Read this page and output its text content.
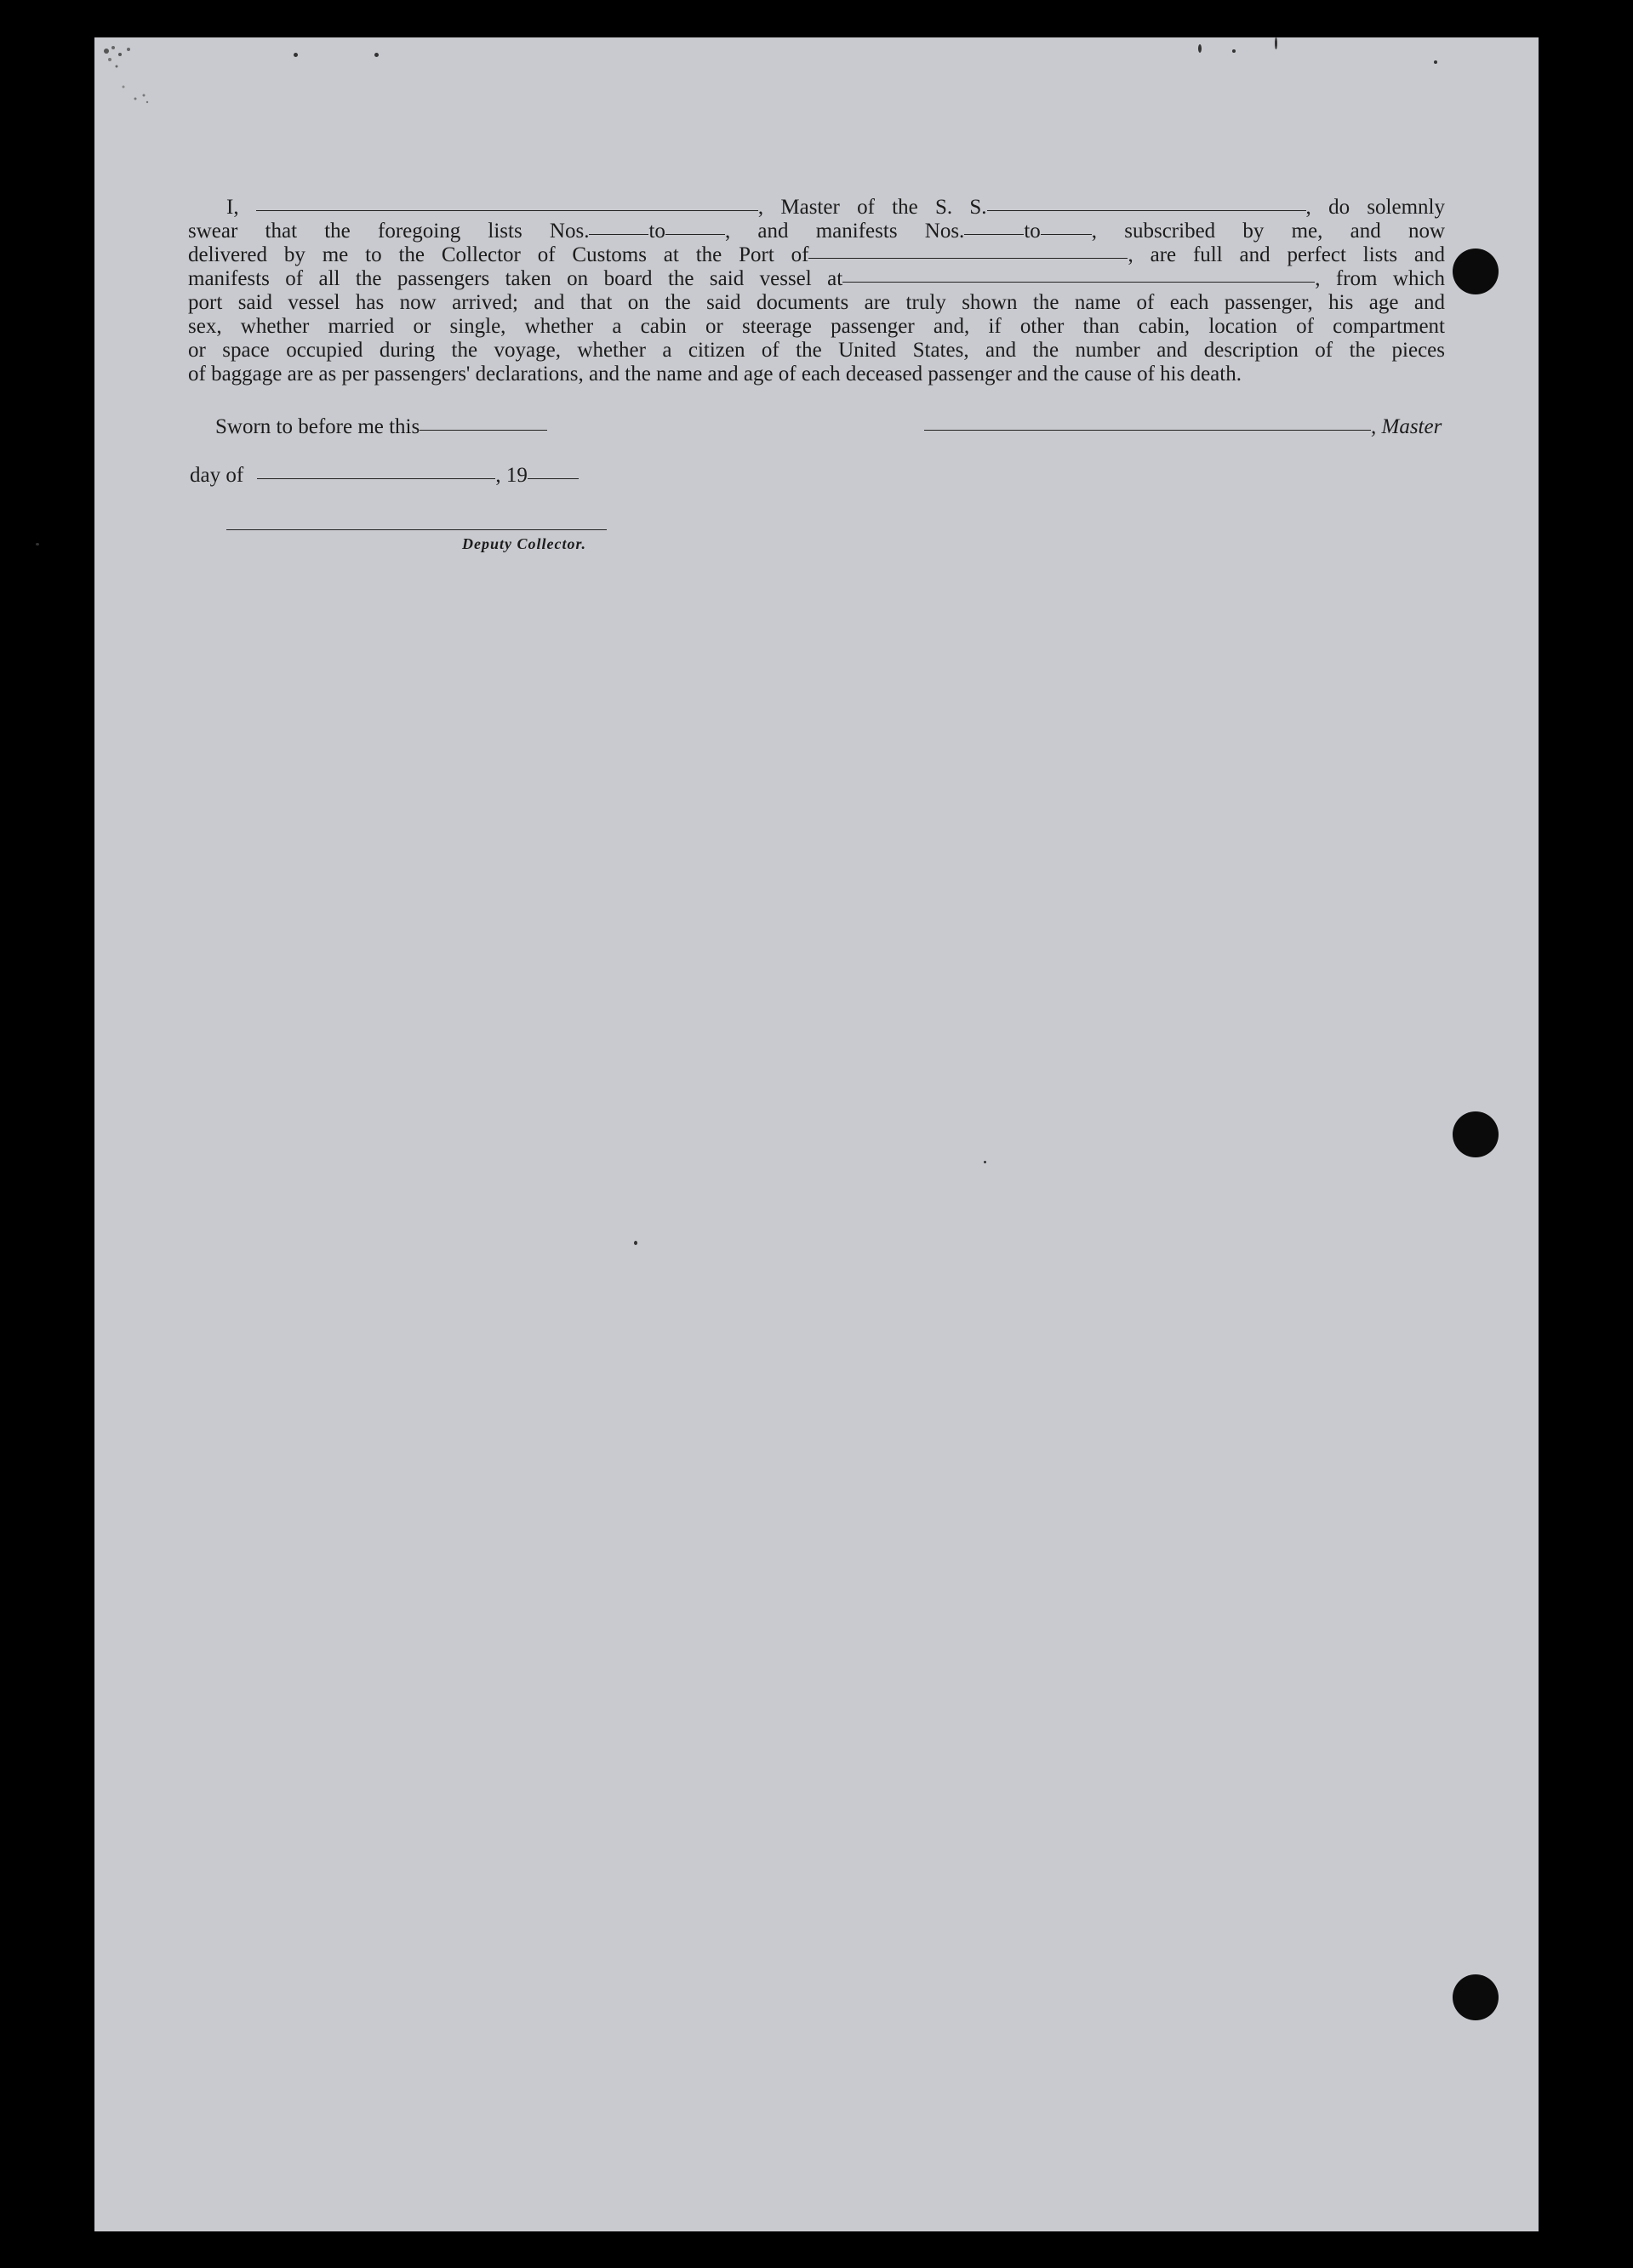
I,	, Master of the S. S.	, do solemnly
swear that the foregoing lists Nos.	to	, and manifests Nos.	to , subscribed by me, and now
delivered by me to the Collector of Customs at the Port of	, are full and perfect lists and
manifests of all the passengers taken on board the said vessel at	, from which
port said vessel has now arrived; and that on the said documents are truly shown the name of each passenger, his age and
sex, whether married or single, whether a cabin or steerage passenger and, if other than cabin, location of compartment
or space occupied during the voyage, whether a citizen of the United States, and the number and description of the pieces
of baggage are as per passengers' declarations, and the name and age of each deceased passenger and the cause of his death.
Sworn to before me this	, Master
day of	, 19
Deputy Collector.
